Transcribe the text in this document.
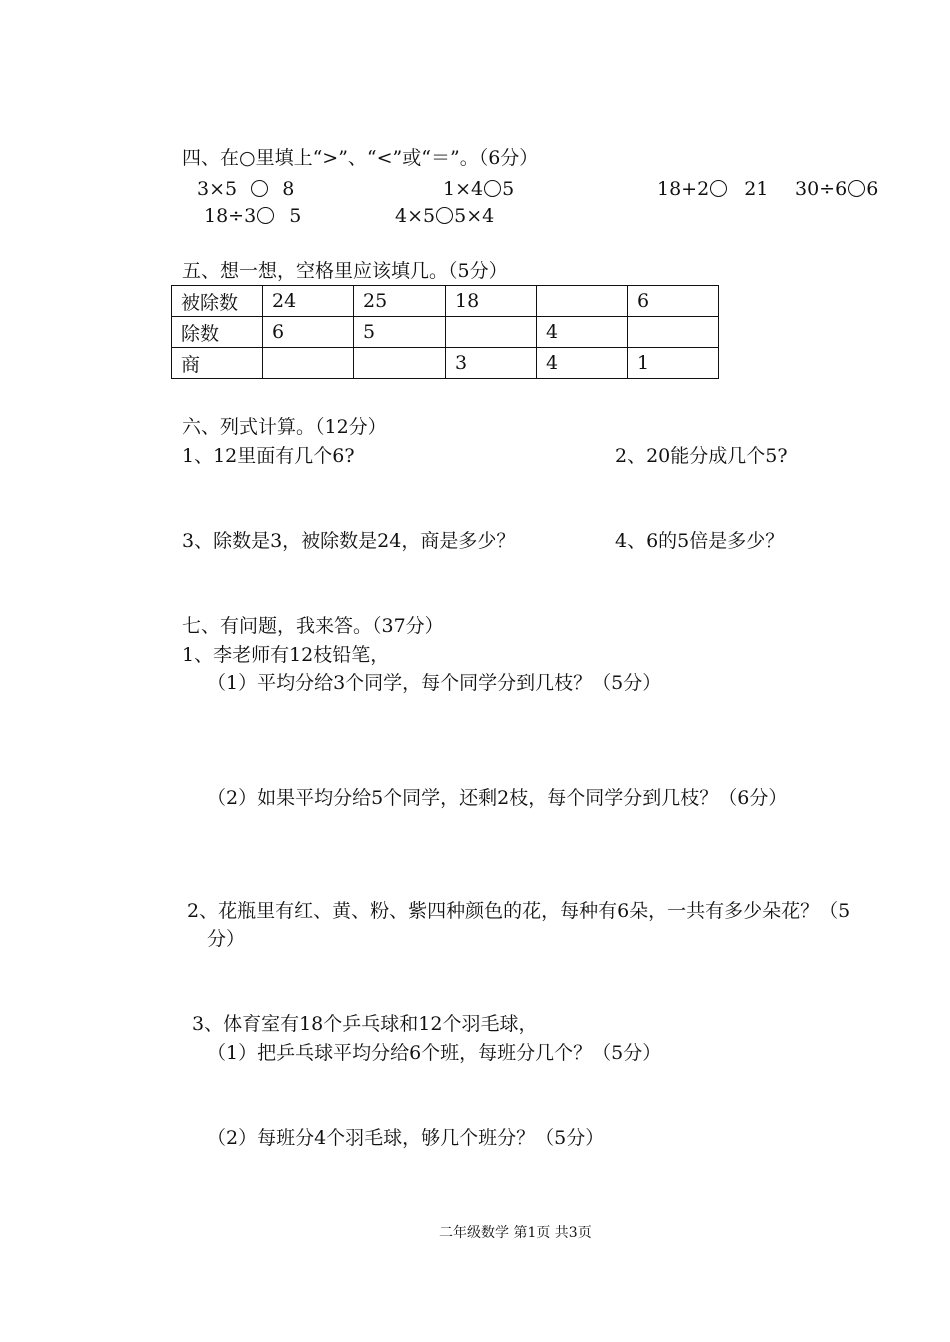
四、在○里填上“>”、“<”或“＝”。（6分）
3×5 8	1×4 5	18+2 21 30÷6 6
18÷3 5	4×5 5×4
五、想一想，空格里应该填几。（5分）
被除数	24	25	18		6
除数	6	5		4	
商			3	4	1
六、列式计算。（12分）
1、12里面有几个6?	2、20能分成几个5?
3、除数是3，被除数是24，商是多少？	4、6的5倍是多少？
七、有问题，我来答。（37分）
1、李老师有12枝铅笔，
（1）平均分给3个同学，每个同学分到几枝？（5分）
（2）如果平均分给5个同学，还剩2枝，每个同学分到几枝？（6分）
2、花瓶里有红、黄、粉、紫四种颜色的花，每种有6朵，一共有多少朵花？（5
分）
3、体育室有18个乒乓球和12个羽毛球，
（1）把乒乓球平均分给6个班，每班分几个？（5分）
（2）每班分4个羽毛球，够几个班分？（5分）
二年级数学 第1页 共3页
